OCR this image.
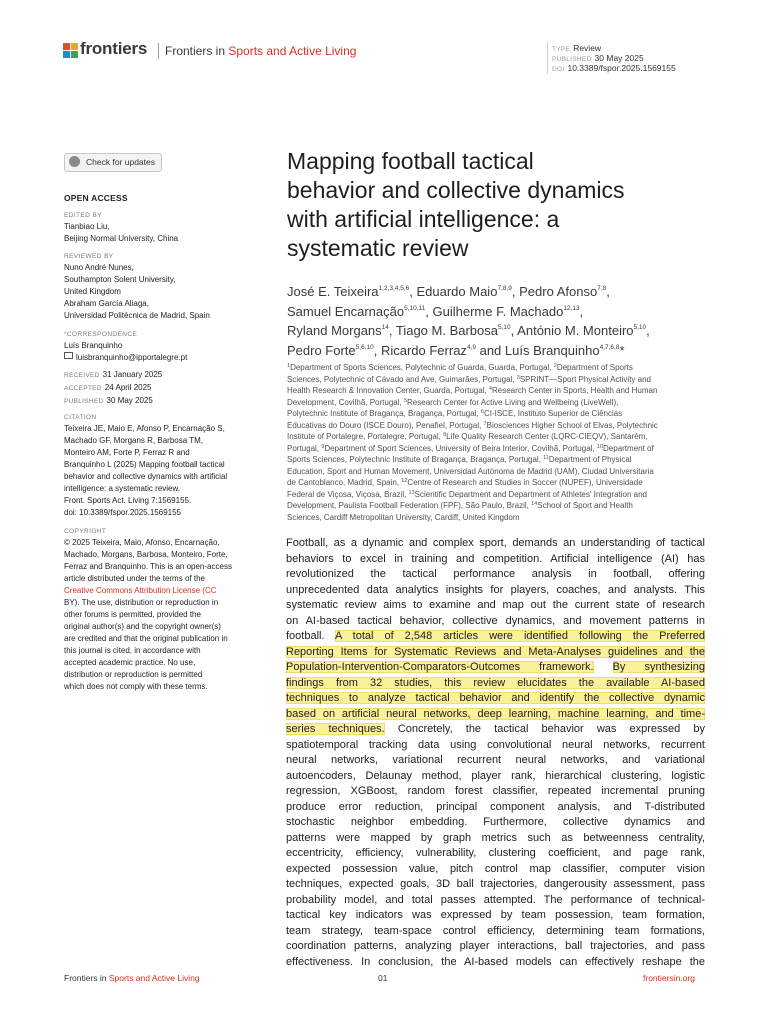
frontiers Frontiers in Sports and Active Living	TYPE Review
PUBLISHED 30 May 2025
DOI 10.3389/fspor.2025.1569155
Check for updates
OPEN ACCESS
EDITED BY
Tianbiao Liu,
Beijing Normal University, China
REVIEWED BY
Nuno André Nunes,
Southampton Solent University,
United Kingdom
Abraham García Aliaga,
Universidad Politécnica de Madrid, Spain
*CORRESPONDENCE
Luís Branquinho
luisbranquinho@ipportalegre.pt
RECEIVED 31 January 2025
ACCEPTED 24 April 2025
PUBLISHED 30 May 2025
CITATION
Teixeira JE, Maio E, Afonso P, Encarnação S,
Machado GF, Morgans R, Barbosa TM,
Monteiro AM, Forte P, Ferraz R and
Branquinho L (2025) Mapping football tactical
behavior and collective dynamics with artificial
intelligence: a systematic review.
Front. Sports Act. Living 7:1569155.
doi: 10.3389/fspor.2025.1569155
COPYRIGHT
© 2025 Teixeira, Maio, Afonso, Encarnação,
Machado, Morgans, Barbosa, Monteiro, Forte,
Ferraz and Branquinho. This is an open-access
article distributed under the terms of the
Creative Commons Attribution License (CC
BY). The use, distribution or reproduction in
other forums is permitted, provided the
original author(s) and the copyright owner(s)
are credited and that the original publication in
this journal is cited, in accordance with
accepted academic practice. No use,
distribution or reproduction is permitted
which does not comply with these terms.
Mapping football tactical
behavior and collective dynamics
with artificial intelligence: a
systematic review
José E. Teixeira$^{1,2,3,4,5,6}$, Eduardo Maio$^{7,8,9}$, Pedro Afonso$^{7,8}$,
Samuel Encarnação$^{5,10,11}$, Guilherme F. Machado$^{12,13}$,
Ryland Morgans$^{14}$, Tiago M. Barbosa$^{5,10}$, António M. Monteiro$^{5,10}$,
Pedro Forte$^{5,6,10}$, Ricardo Ferraz$^{4,9}$ and Luís Branquinho$^{4,7,6,8}$*
$^1$Department of Sports Sciences, Polytechnic of Guarda, Guarda, Portugal, $^2$Department of Sports
Sciences, Polytechnic of Cávado and Ave, Guimarães, Portugal, $^3$SPRINT—Sport Physical Activity and
Health Research & Innovation Center, Guarda, Portugal, $^4$Research Center in Sports, Health and Human
Development, Covilhã, Portugal, $^5$Research Center for Active Living and Wellbeing (LiveWell),
Polytechnic Institute of Bragança, Bragança, Portugal, $^6$CI-ISCE, Instituto Superior de Ciências
Educativas do Douro (ISCE Douro), Penafiel, Portugal, $^7$Biosciences Higher School of Elvas, Polytechnic
Institute of Portalegre, Portalegre, Portugal, $^8$Life Quality Research Center (LQRC-CIEQV), Santarém,
Portugal, $^9$Department of Sport Sciences, University of Beira Interior, Covilhã, Portugal, $^{10}$Department of
Sports Sciences, Polytechnic Institute of Bragança, Bragança, Portugal, $^{11}$Department of Physical
Education, Sport and Human Movement, Universidad Autónoma de Madrid (UAM), Ciudad Universitaria
de Cantoblanco, Madrid, Spain, $^{12}$Centre of Research and Studies in Soccer (NUPEF), Universidade
Federal de Viçosa, Viçosa, Brazil, $^{13}$Scientific Department and Department of Athletes' Integration and
Development, Paulista Football Federation (FPF), São Paulo, Brazil, $^{14}$School of Sport and Health
Sciences, Cardiff Metropolitan University, Cardiff, United Kingdom
Football, as a dynamic and complex sport, demands an understanding of tactical
behaviors to excel in training and competition. Artificial intelligence (AI) has
revolutionized the tactical performance analysis in football, offering
unprecedented data analytics insights for players, coaches, and analysts. This
systematic review aims to examine and map out the current state of research
on AI-based tactical behavior, collective dynamics, and movement patterns in
football. A total of 2,548 articles were identified following the Preferred
Reporting Items for Systematic Reviews and Meta-Analyses guidelines and the
Population-Intervention-Comparators-Outcomes framework. By synthesizing
findings from 32 studies, this review elucidates the available AI-based
techniques to analyze tactical behavior and identify the collective dynamic
based on artificial neural networks, deep learning, machine learning, and time-
series techniques. Concretely, the tactical behavior was expressed by
spatiotemporal tracking data using convolutional neural networks, recurrent
neural networks, variational recurrent neural networks, and variational
autoencoders, Delaunay method, player rank, hierarchical clustering, logistic
regression, XGBoost, random forest classifier, repeated incremental pruning
produce error reduction, principal component analysis, and T-distributed
stochastic neighbor embedding. Furthermore, collective dynamics and
patterns were mapped by graph metrics such as betweenness centrality,
eccentricity, efficiency, vulnerability, clustering coefficient, and page rank,
expected possession value, pitch control map classifier, computer vision
techniques, expected goals, 3D ball trajectories, dangerousity assessment, pass
probability model, and total passes attempted. The performance of technical-
tactical key indicators was expressed by team possession, team formation,
team strategy, team-space control efficiency, determining team formations,
coordination patterns, analyzing player interactions, ball trajectories, and pass
effectiveness. In conclusion, the AI-based models can effectively reshape the
Frontiers in Sports and Active Living	01	frontiersin.org
